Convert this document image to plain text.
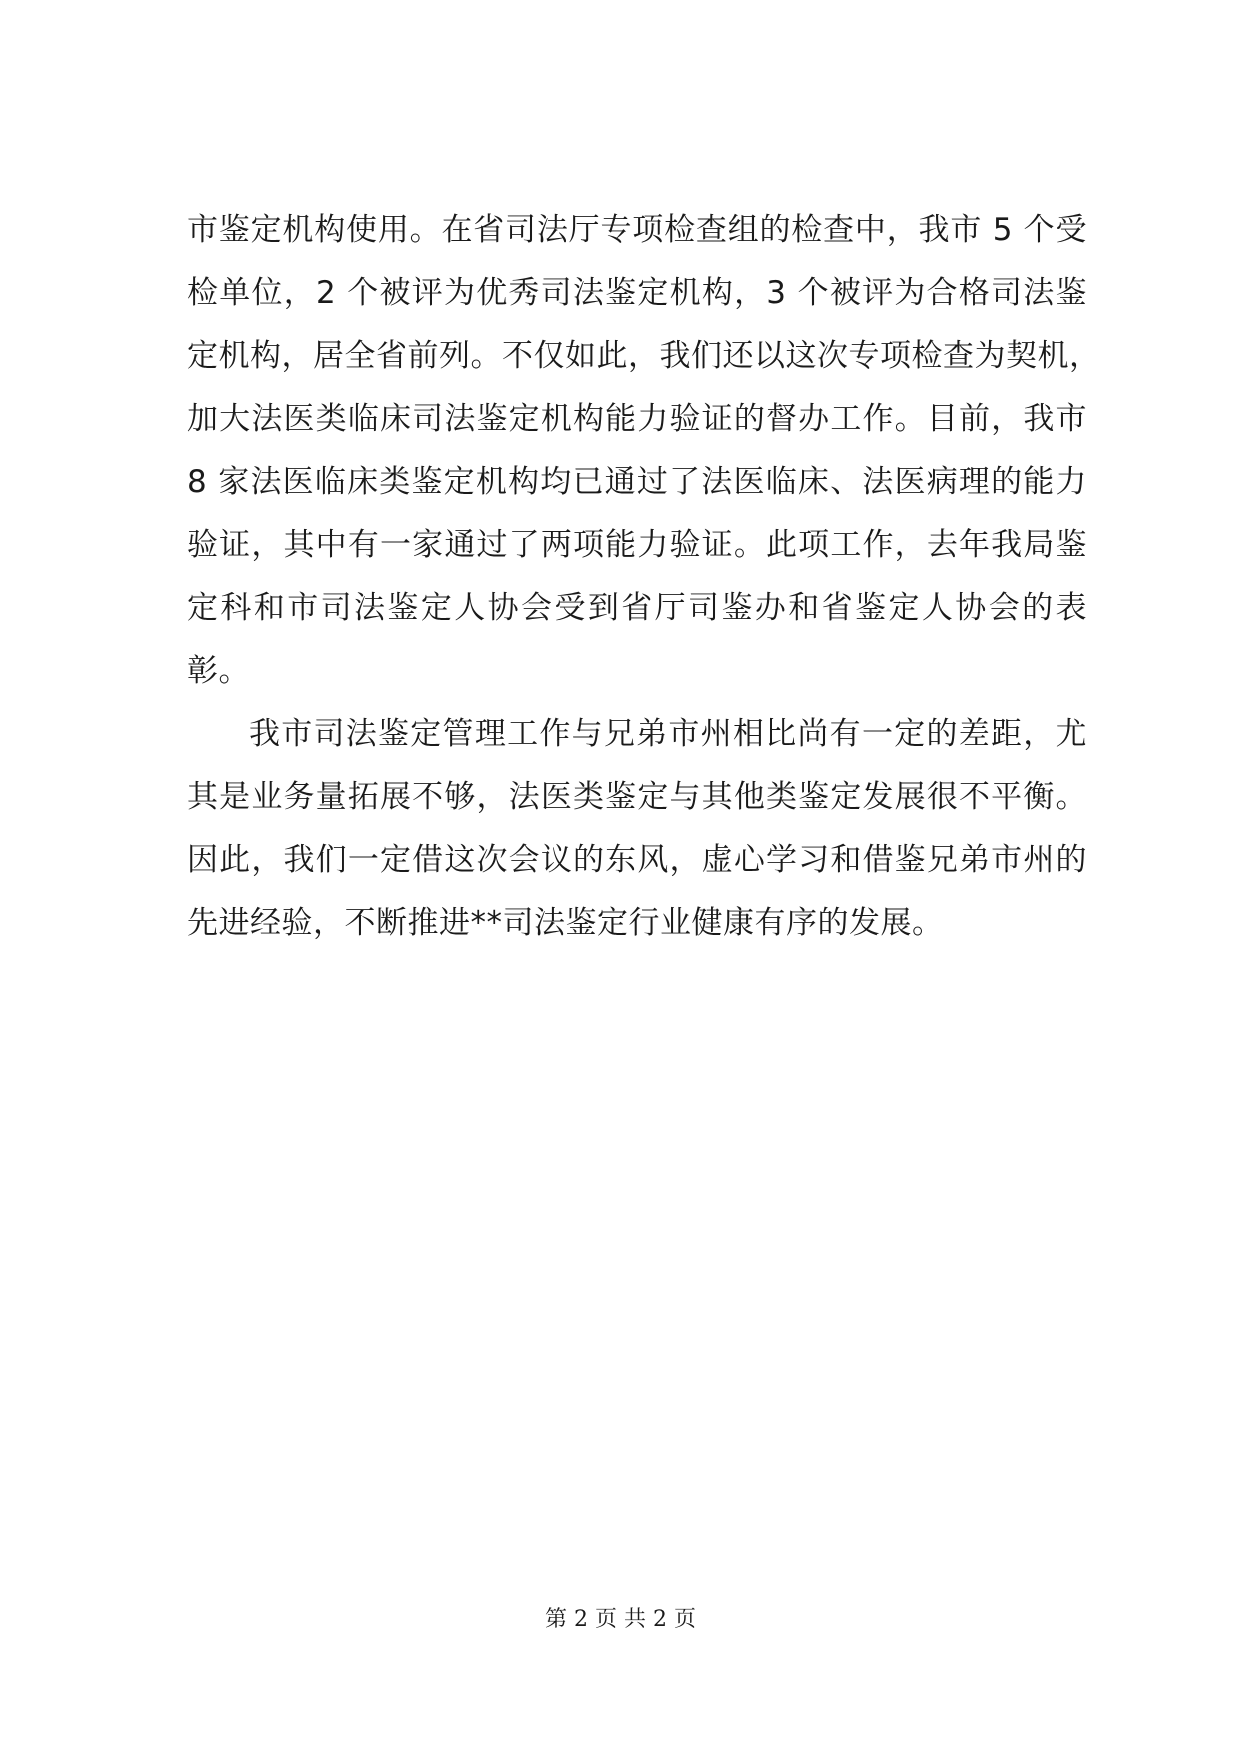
市鉴定机构使用。在省司法厅专项检查组的检查中，我市 5 个受
检单位，2 个被评为优秀司法鉴定机构，3 个被评为合格司法鉴
定机构，居全省前列。不仅如此，我们还以这次专项检查为契机，
加大法医类临床司法鉴定机构能力验证的督办工作。目前，我市
8 家法医临床类鉴定机构均已通过了法医临床、法医病理的能力
验证，其中有一家通过了两项能力验证。此项工作，去年我局鉴
定科和市司法鉴定人协会受到省厅司鉴办和省鉴定人协会的表
彰。
我市司法鉴定管理工作与兄弟市州相比尚有一定的差距，尤
其是业务量拓展不够，法医类鉴定与其他类鉴定发展很不平衡。
因此，我们一定借这次会议的东风，虚心学习和借鉴兄弟市州的
先进经验，不断推进**司法鉴定行业健康有序的发展。
第 2 页 共 2 页
